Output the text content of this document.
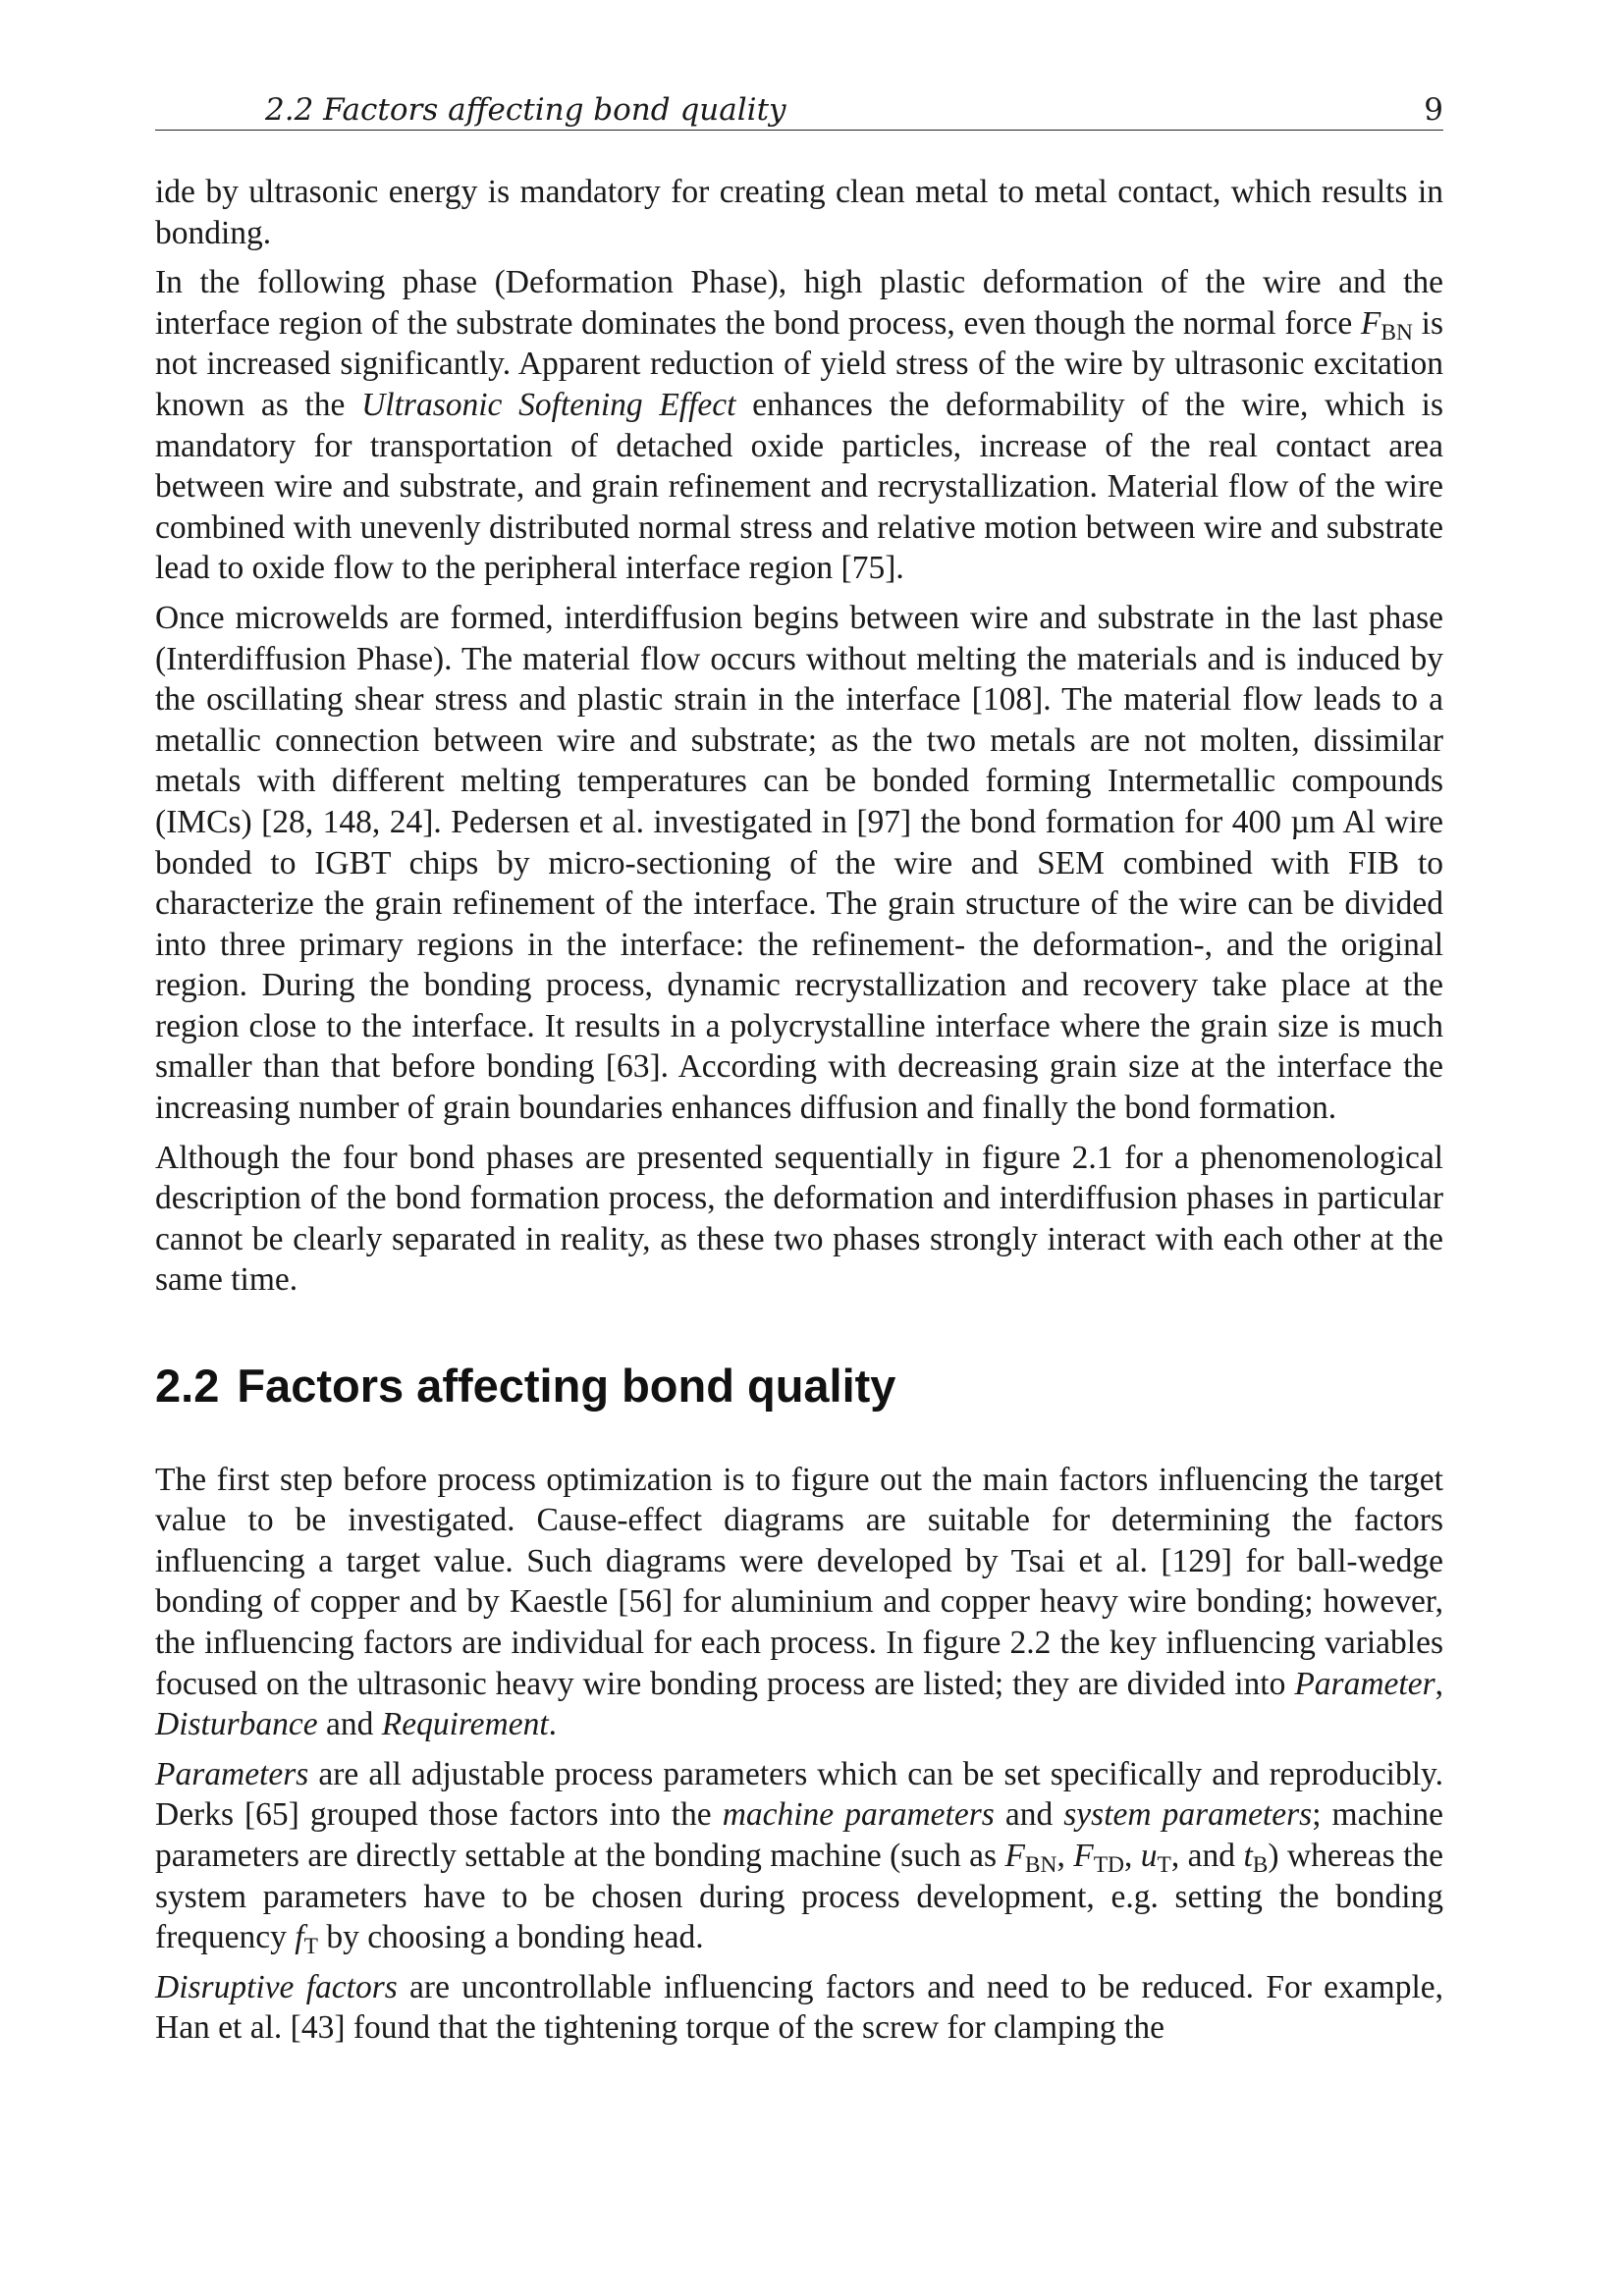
2.2 Factors affecting bond quality	9

ide by ultrasonic energy is mandatory for creating clean metal to metal contact, which results in bonding.

In the following phase (Deformation Phase), high plastic deformation of the wire and the interface region of the substrate dominates the bond process, even though the normal force $F_{BN}$ is not increased significantly. Apparent reduction of yield stress of the wire by ultrasonic excitation known as the Ultrasonic Softening Effect enhances the deformability of the wire, which is mandatory for transportation of detached oxide particles, increase of the real contact area between wire and substrate, and grain refinement and recrystallization. Material flow of the wire combined with unevenly distributed normal stress and relative motion between wire and substrate lead to oxide flow to the peripheral interface region [75].

Once microwelds are formed, interdiffusion begins between wire and substrate in the last phase (Interdiffusion Phase). The material flow occurs without melting the materials and is induced by the oscillating shear stress and plastic strain in the interface [108]. The material flow leads to a metallic connection between wire and substrate; as the two metals are not molten, dissimilar metals with different melting temperatures can be bonded forming Intermetallic compounds (IMCs) [28, 148, 24]. Pedersen et al. investigated in [97] the bond formation for 400 µm Al wire bonded to IGBT chips by micro-sectioning of the wire and SEM combined with FIB to characterize the grain refinement of the interface. The grain structure of the wire can be divided into three primary regions in the interface: the refinement- the deformation-, and the original region. During the bonding process, dynamic recrystallization and recovery take place at the region close to the interface. It results in a polycrystalline interface where the grain size is much smaller than that before bonding [63]. According with decreasing grain size at the interface the increasing number of grain boundaries enhances diffusion and finally the bond formation.

Although the four bond phases are presented sequentially in figure 2.1 for a phenomenological description of the bond formation process, the deformation and interdiffusion phases in particular cannot be clearly separated in reality, as these two phases strongly interact with each other at the same time.

2.2 Factors affecting bond quality

The first step before process optimization is to figure out the main factors influencing the target value to be investigated. Cause-effect diagrams are suitable for determining the factors influencing a target value. Such diagrams were developed by Tsai et al. [129] for ball-wedge bonding of copper and by Kaestle [56] for aluminium and copper heavy wire bonding; however, the influencing factors are individual for each process. In figure 2.2 the key influencing variables focused on the ultrasonic heavy wire bonding process are listed; they are divided into Parameter, Disturbance and Requirement.

Parameters are all adjustable process parameters which can be set specifically and reproducibly. Derks [65] grouped those factors into the machine parameters and system parameters; machine parameters are directly settable at the bonding machine (such as $F_{BN}$, $F_{TD}$, $u_T$, and $t_B$) whereas the system parameters have to be chosen during process development, e.g. setting the bonding frequency $f_T$ by choosing a bonding head.

Disruptive factors are uncontrollable influencing factors and need to be reduced. For example, Han et al. [43] found that the tightening torque of the screw for clamping the
